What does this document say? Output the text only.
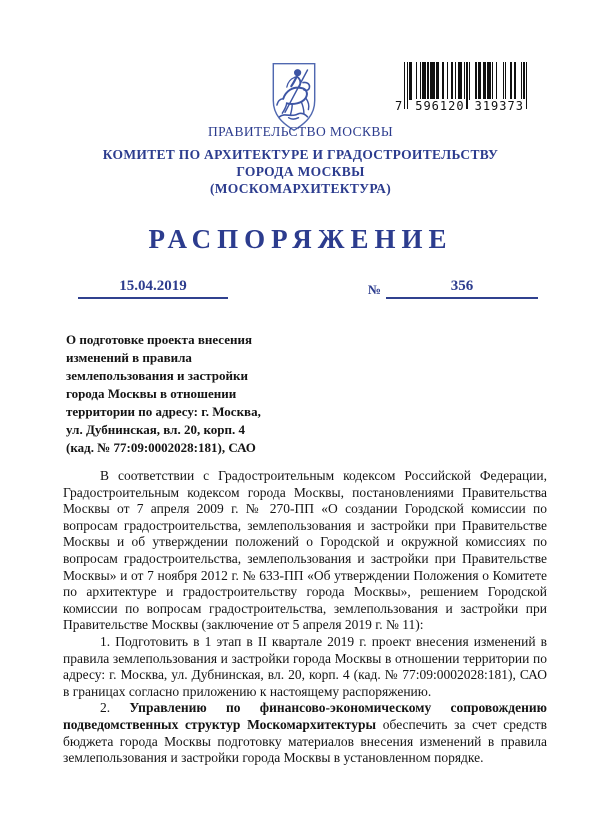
7 596120 319373
ПРАВИТЕЛЬСТВО МОСКВЫ
КОМИТЕТ ПО АРХИТЕКТУРЕ И ГРАДОСТРОИТЕЛЬСТВУ
ГОРОДА МОСКВЫ
(МОСКОМАРХИТЕКТУРА)
РАСПОРЯЖЕНИЕ
15.04.2019	№	356
О подготовке проекта внесения
изменений в правила
землепользования и застройки
города Москвы в отношении
территории по адресу: г. Москва,
ул. Дубнинская, вл. 20, корп. 4
(кад. № 77:09:0002028:181), САО

В соответствии с Градостроительным кодексом Российской Федерации, Градостроительным кодексом города Москвы, постановлениями Правительства Москвы от 7 апреля 2009 г. № 270-ПП «О создании Городской комиссии по вопросам градостроительства, землепользования и застройки при Правительстве Москвы и об утверждении положений о Городской и окружной комиссиях по вопросам градостроительства, землепользования и застройки при Правительстве Москвы» и от 7 ноября 2012 г. № 633-ПП «Об утверждении Положения о Комитете по архитектуре и градостроительству города Москвы», решением Городской комиссии по вопросам градостроительства, землепользования и застройки при Правительстве Москвы (заключение от 5 апреля 2019 г. № 11):

1. Подготовить в 1 этап в II квартале 2019 г. проект внесения изменений в правила землепользования и застройки города Москвы в отношении территории по адресу: г. Москва, ул. Дубнинская, вл. 20, корп. 4 (кад. № 77:09:0002028:181), САО в границах согласно приложению к настоящему распоряжению.

2. Управлению по финансово-экономическому сопровождению подведомственных структур Москомархитектуры обеспечить за счет средств бюджета города Москвы подготовку материалов внесения изменений в правила землепользования и застройки города Москвы в установленном порядке.
